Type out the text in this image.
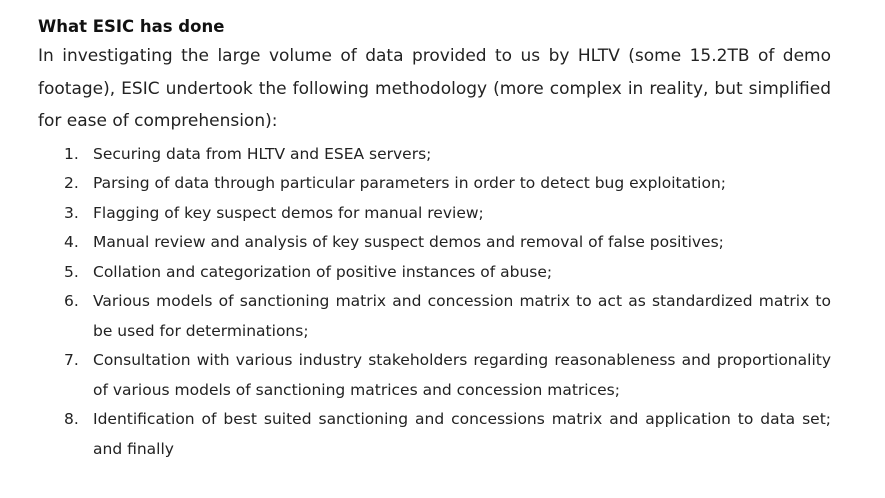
What ESIC has done

In investigating the large volume of data provided to us by HLTV (some 15.2TB of demo footage), ESIC undertook the following methodology (more complex in reality, but simplified for ease of comprehension):

1. Securing data from HLTV and ESEA servers;
2. Parsing of data through particular parameters in order to detect bug exploitation;
3. Flagging of key suspect demos for manual review;
4. Manual review and analysis of key suspect demos and removal of false positives;
5. Collation and categorization of positive instances of abuse;
6. Various models of sanctioning matrix and concession matrix to act as standardized matrix to be used for determinations;
7. Consultation with various industry stakeholders regarding reasonableness and proportionality of various models of sanctioning matrices and concession matrices;
8. Identification of best suited sanctioning and concessions matrix and application to data set; and finally
